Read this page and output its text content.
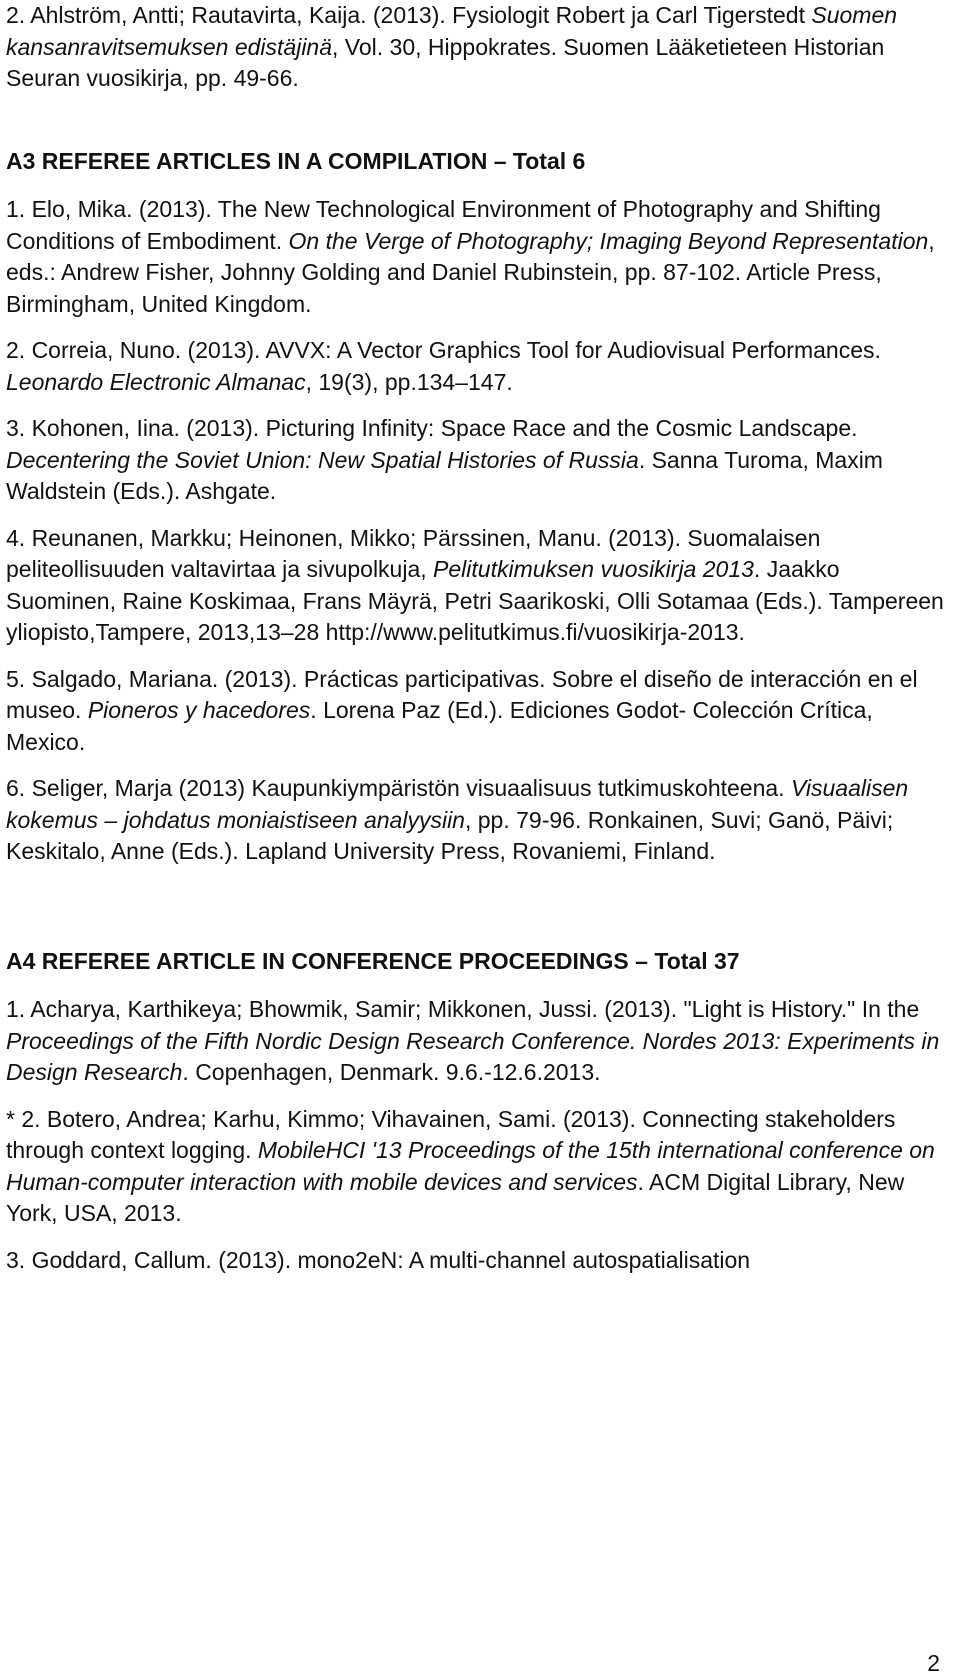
2. Ahlström, Antti; Rautavirta, Kaija. (2013). Fysiologit Robert ja Carl Tigerstedt Suomen kansanravitsemuksen edistäjinä, Vol. 30, Hippokrates. Suomen Lääketieteen Historian Seuran vuosikirja, pp. 49-66.

A3 REFEREE ARTICLES IN A COMPILATION – Total 6

1. Elo, Mika. (2013). The New Technological Environment of Photography and Shifting Conditions of Embodiment. On the Verge of Photography; Imaging Beyond Representation, eds.: Andrew Fisher, Johnny Golding and Daniel Rubinstein, pp. 87-102. Article Press, Birmingham, United Kingdom.

2. Correia, Nuno. (2013). AVVX: A Vector Graphics Tool for Audiovisual Performances. Leonardo Electronic Almanac, 19(3), pp.134–147.

3. Kohonen, Iina. (2013). Picturing Infinity: Space Race and the Cosmic Landscape. Decentering the Soviet Union: New Spatial Histories of Russia. Sanna Turoma, Maxim Waldstein (Eds.). Ashgate.

4. Reunanen, Markku; Heinonen, Mikko; Pärssinen, Manu. (2013). Suomalaisen peliteollisuuden valtavirtaa ja sivupolkuja, Pelitutkimuksen vuosikirja 2013. Jaakko Suominen, Raine Koskimaa, Frans Mäyrä, Petri Saarikoski, Olli Sotamaa (Eds.). Tampereen yliopisto,Tampere, 2013,13–28 http://www.pelitutkimus.fi/vuosikirja-2013.

5. Salgado, Mariana. (2013). Prácticas participativas. Sobre el diseño de interacción en el museo. Pioneros y hacedores. Lorena Paz (Ed.). Ediciones Godot- Colección Crítica, Mexico.

6. Seliger, Marja (2013) Kaupunkiympäristön visuaalisuus tutkimuskohteena. Visuaalisen kokemus – johdatus moniaistiseen analyysiin, pp. 79-96. Ronkainen, Suvi; Ganö, Päivi; Keskitalo, Anne (Eds.). Lapland University Press, Rovaniemi, Finland.

A4 REFEREE ARTICLE IN CONFERENCE PROCEEDINGS – Total 37

1. Acharya, Karthikeya; Bhowmik, Samir; Mikkonen, Jussi. (2013). "Light is History." In the Proceedings of the Fifth Nordic Design Research Conference. Nordes 2013: Experiments in Design Research. Copenhagen, Denmark. 9.6.-12.6.2013.

* 2. Botero, Andrea; Karhu, Kimmo; Vihavainen, Sami. (2013). Connecting stakeholders through context logging. MobileHCI '13 Proceedings of the 15th international conference on Human-computer interaction with mobile devices and services. ACM Digital Library, New York, USA, 2013.

3. Goddard, Callum. (2013). mono2eN: A multi-channel autospatialisation

2
